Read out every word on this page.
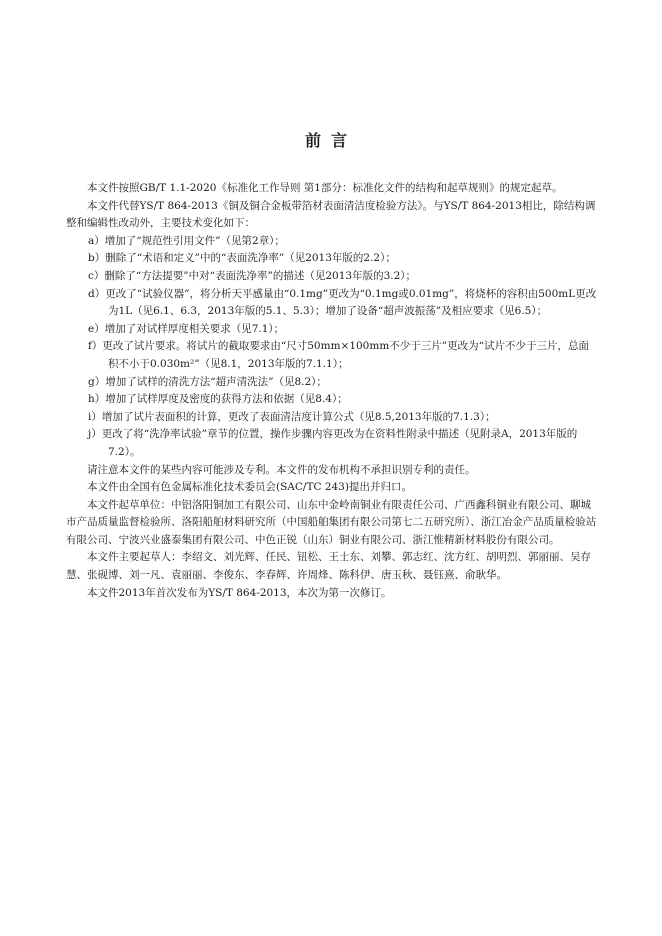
前言

本文件按照GB/T 1.1-2020《标准化工作导则 第1部分：标准化文件的结构和起草规则》的规定起草。

本文件代替YS/T 864-2013《铜及铜合金板带箔材表面清洁度检验方法》。与YS/T 864-2013相比，除结构调整和编辑性改动外，主要技术变化如下：

a）增加了“规范性引用文件”（见第2章）；

b）删除了“术语和定义”中的“表面洗净率”（见2013年版的2.2）；

c）删除了“方法提要”中对“表面洗净率”的描述（见2013年版的3.2）；

d）更改了“试验仪器”，将分析天平感量由“0.1mg”更改为“0.1mg或0.01mg”，将烧杯的容积由500mL更改为1L（见6.1、6.3，2013年版的5.1、5.3）；增加了设备“超声波振荡”及相应要求（见6.5）；

e）增加了对试样厚度相关要求（见7.1）；

f）更改了试片要求。将试片的截取要求由“尺寸50mm×100mm不少于三片”更改为“试片不少于三片，总面积不小于0.030m²”（见8.1，2013年版的7.1.1）；

g）增加了试样的清洗方法“超声清洗法”（见8.2）；

h）增加了试样厚度及密度的获得方法和依据（见8.4）；

i）增加了试片表面积的计算，更改了表面清洁度计算公式（见8.5,2013年版的7.1.3）；

j）更改了将“洗净率试验”章节的位置，操作步骤内容更改为在资料性附录中描述（见附录A，2013年版的7.2）。

请注意本文件的某些内容可能涉及专利。本文件的发布机构不承担识别专利的责任。

本文件由全国有色金属标准化技术委员会(SAC/TC 243)提出并归口。

本文件起草单位：中铝洛阳铜加工有限公司、山东中金岭南铜业有限责任公司、广西鑫科铜业有限公司、聊城市产品质量监督检验所、洛阳船舶材料研究所（中国船舶集团有限公司第七二五研究所）、浙江冶金产品质量检验站有限公司、宁波兴业盛泰集团有限公司、中色正锐（山东）铜业有限公司、浙江惟精新材料股份有限公司。

本文件主要起草人：李绍文、刘光辉、任民、钮松、王士东、刘攀、郭志红、沈方红、胡明烈、郭丽丽、吴存慧、张砚博、刘一凡、袁丽丽、李俊东、李春辉、许周烽、陈科伊、唐玉秋、聂钰熹、俞耿华。

本文件2013年首次发布为YS/T 864-2013，本次为第一次修订。
